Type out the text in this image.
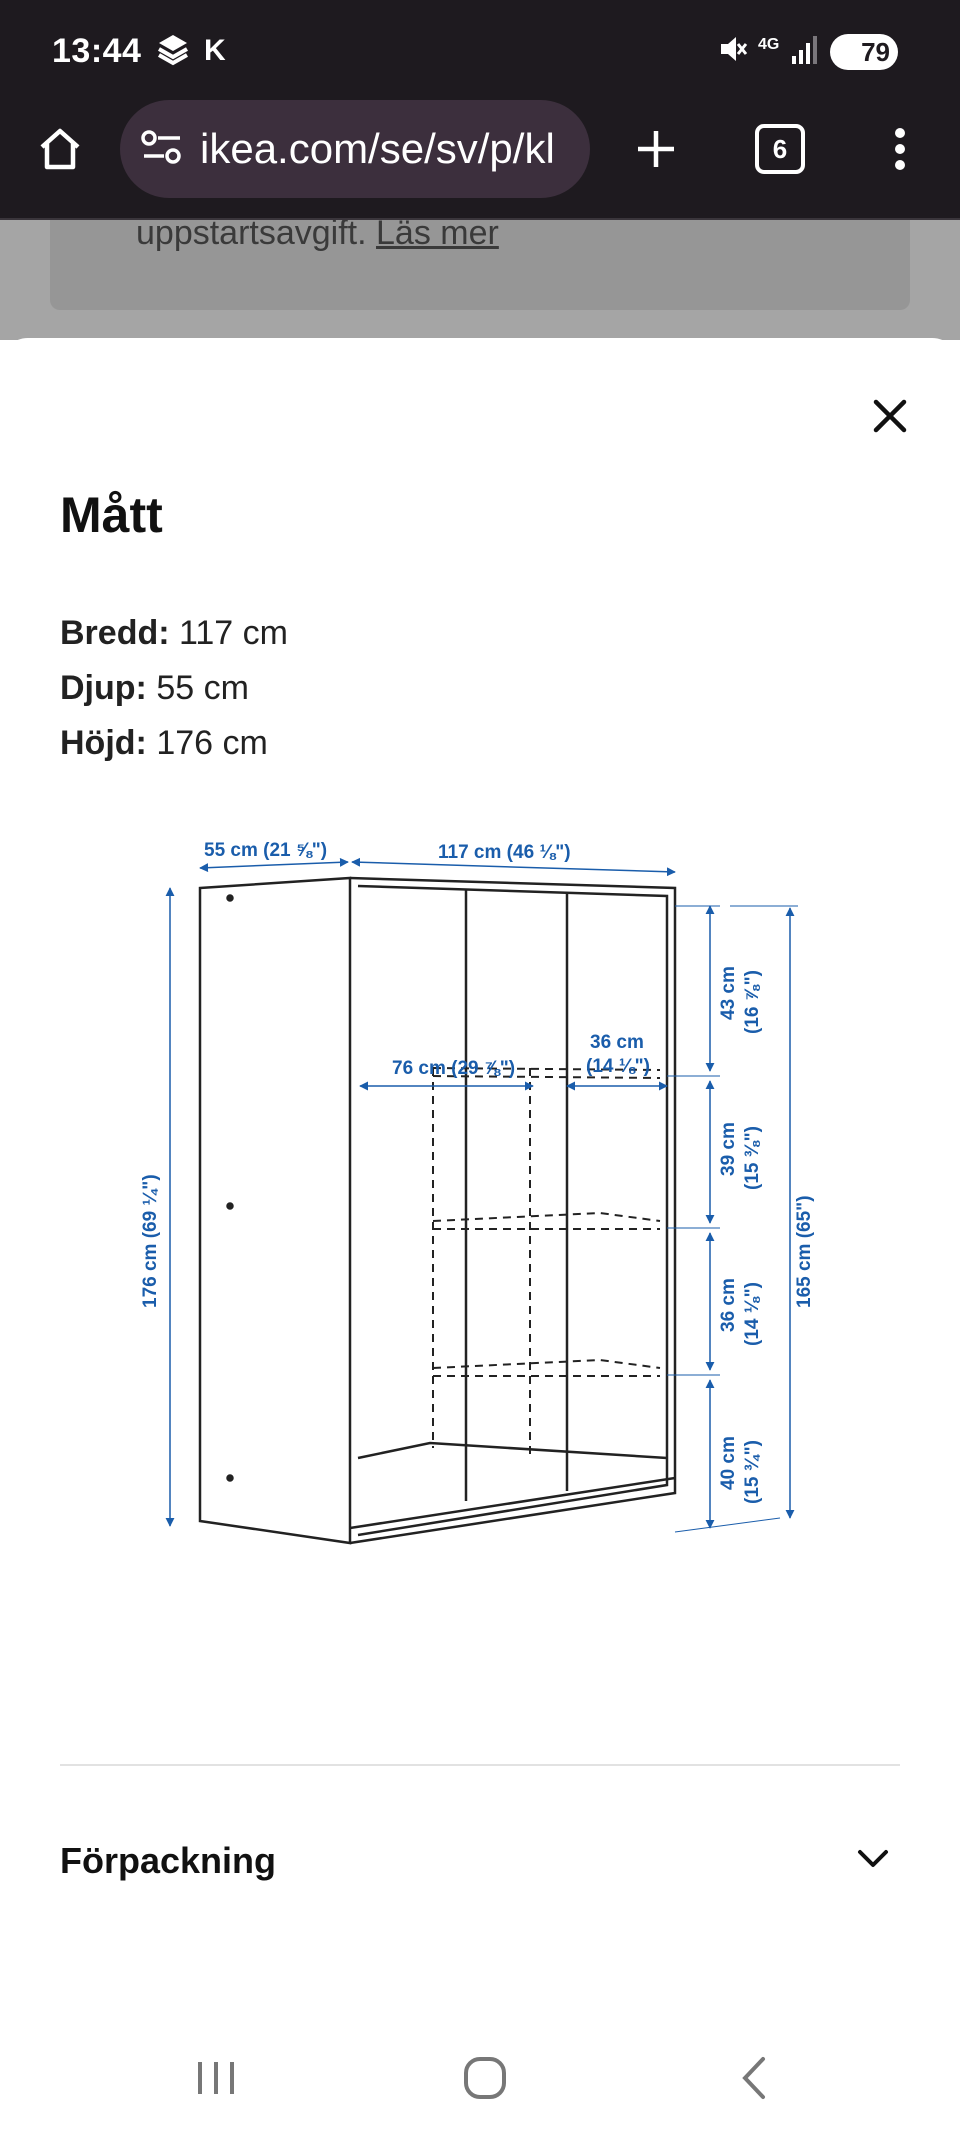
13:44 K	4G	79
ikea.com/se/sv/p/kl	6
uppstartsavgift. Läs mer
Mått
Bredd: 117 cm
Djup: 55 cm
Höjd: 176 cm
55 cm (21 ⅝")	117 cm (46 ⅛")
176 cm (69 ¼")
76 cm (29 ⅞")
36 cm
(14 ⅛")
43 cm (16 ⅞")
39 cm (15 ⅜")
36 cm (14 ⅛")
40 cm (15 ¾")
165 cm (65")
Förpackning
